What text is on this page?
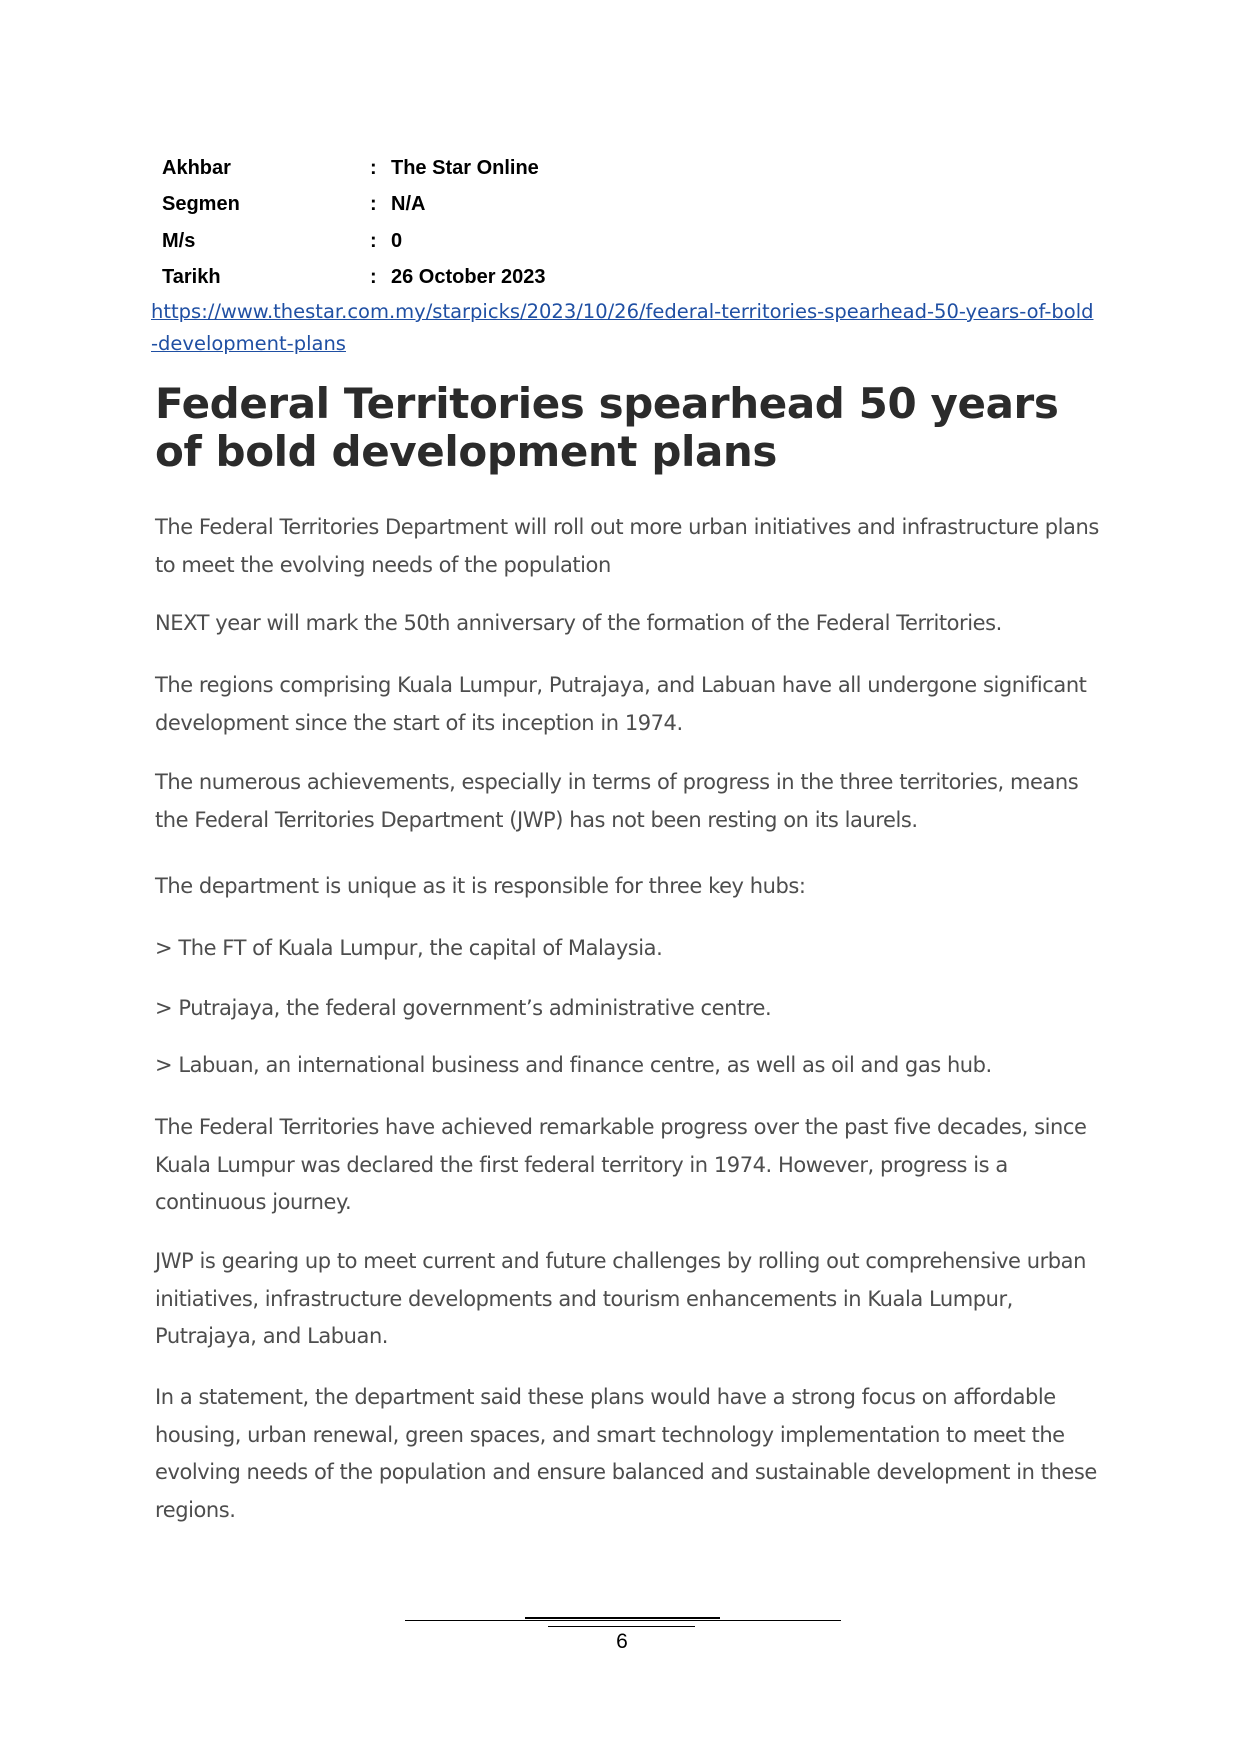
Akhbar	:	The Star Online
Segmen	:	N/A
M/s	:	0
Tarikh	:	26 October 2023
https://www.thestar.com.my/starpicks/2023/10/26/federal-territories-spearhead-50-years-of-bold-development-plans
Federal Territories spearhead 50 years of bold development plans

The Federal Territories Department will roll out more urban initiatives and infrastructure plans to meet the evolving needs of the population

NEXT year will mark the 50th anniversary of the formation of the Federal Territories.

The regions comprising Kuala Lumpur, Putrajaya, and Labuan have all undergone significant development since the start of its inception in 1974.

The numerous achievements, especially in terms of progress in the three territories, means the Federal Territories Department (JWP) has not been resting on its laurels.

The department is unique as it is responsible for three key hubs:

> The FT of Kuala Lumpur, the capital of Malaysia.

> Putrajaya, the federal government’s administrative centre.

> Labuan, an international business and finance centre, as well as oil and gas hub.

The Federal Territories have achieved remarkable progress over the past five decades, since Kuala Lumpur was declared the first federal territory in 1974. However, progress is a continuous journey.

JWP is gearing up to meet current and future challenges by rolling out comprehensive urban initiatives, infrastructure developments and tourism enhancements in Kuala Lumpur, Putrajaya, and Labuan.

In a statement, the department said these plans would have a strong focus on affordable housing, urban renewal, green spaces, and smart technology implementation to meet the evolving needs of the population and ensure balanced and sustainable development in these regions.

6
